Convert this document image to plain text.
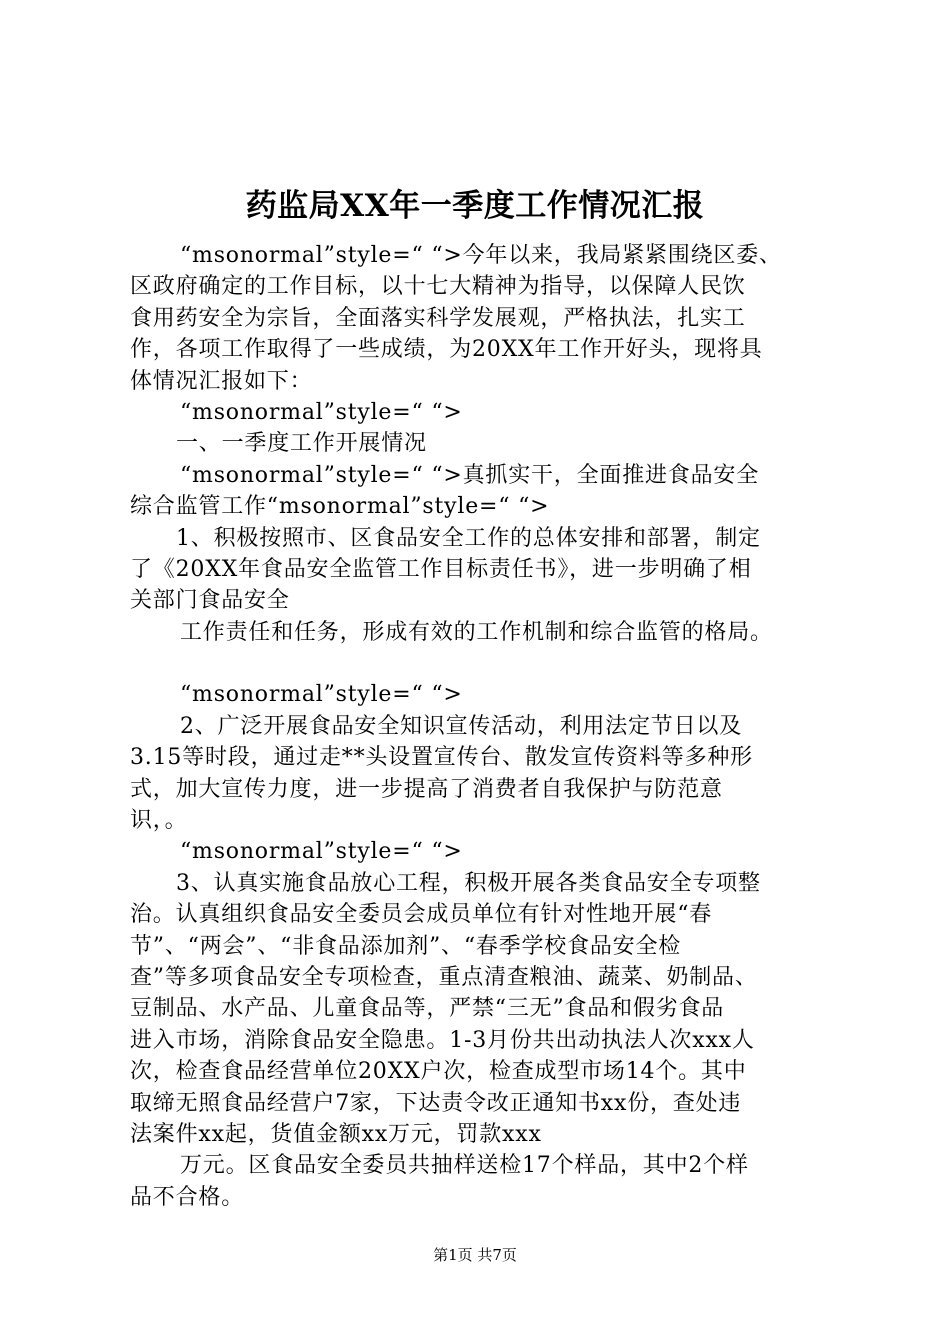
药监局XX年一季度工作情况汇报
“msonormal”style=“ “>今年以来，我局紧紧围绕区委、
区政府确定的工作目标，以十七大精神为指导，以保障人民饮
食用药安全为宗旨，全面落实科学发展观，严格执法，扎实工
作，各项工作取得了一些成绩，为20XX年工作开好头，现将具
体情况汇报如下：
“msonormal”style=“ “>
一、一季度工作开展情况
“msonormal”style=“ “>真抓实干，全面推进食品安全
综合监管工作“msonormal”style=“ “>
1、积极按照市、区食品安全工作的总体安排和部署，制定
了《20XX年食品安全监管工作目标责任书》，进一步明确了相
关部门食品安全
工作责任和任务，形成有效的工作机制和综合监管的格局。
“msonormal”style=“ “>
2、广泛开展食品安全知识宣传活动，利用法定节日以及
3.15等时段，通过走**头设置宣传台、散发宣传资料等多种形
式，加大宣传力度，进一步提高了消费者自我保护与防范意
识，。
“msonormal”style=“ “>
3、认真实施食品放心工程，积极开展各类食品安全专项整
治。认真组织食品安全委员会成员单位有针对性地开展“春
节”、“两会”、“非食品添加剂”、“春季学校食品安全检
查”等多项食品安全专项检查，重点清查粮油、蔬菜、奶制品、
豆制品、水产品、儿童食品等，严禁“三无”食品和假劣食品
进入市场，消除食品安全隐患。1-3月份共出动执法人次xxx人
次，检查食品经营单位20XX户次，检查成型市场14个。其中
取缔无照食品经营户7家，下达责令改正通知书xx份，查处违
法案件xx起，货值金额xx万元，罚款xxx
万元。区食品安全委员共抽样送检17个样品，其中2个样
品不合格。
第1页 共7页
